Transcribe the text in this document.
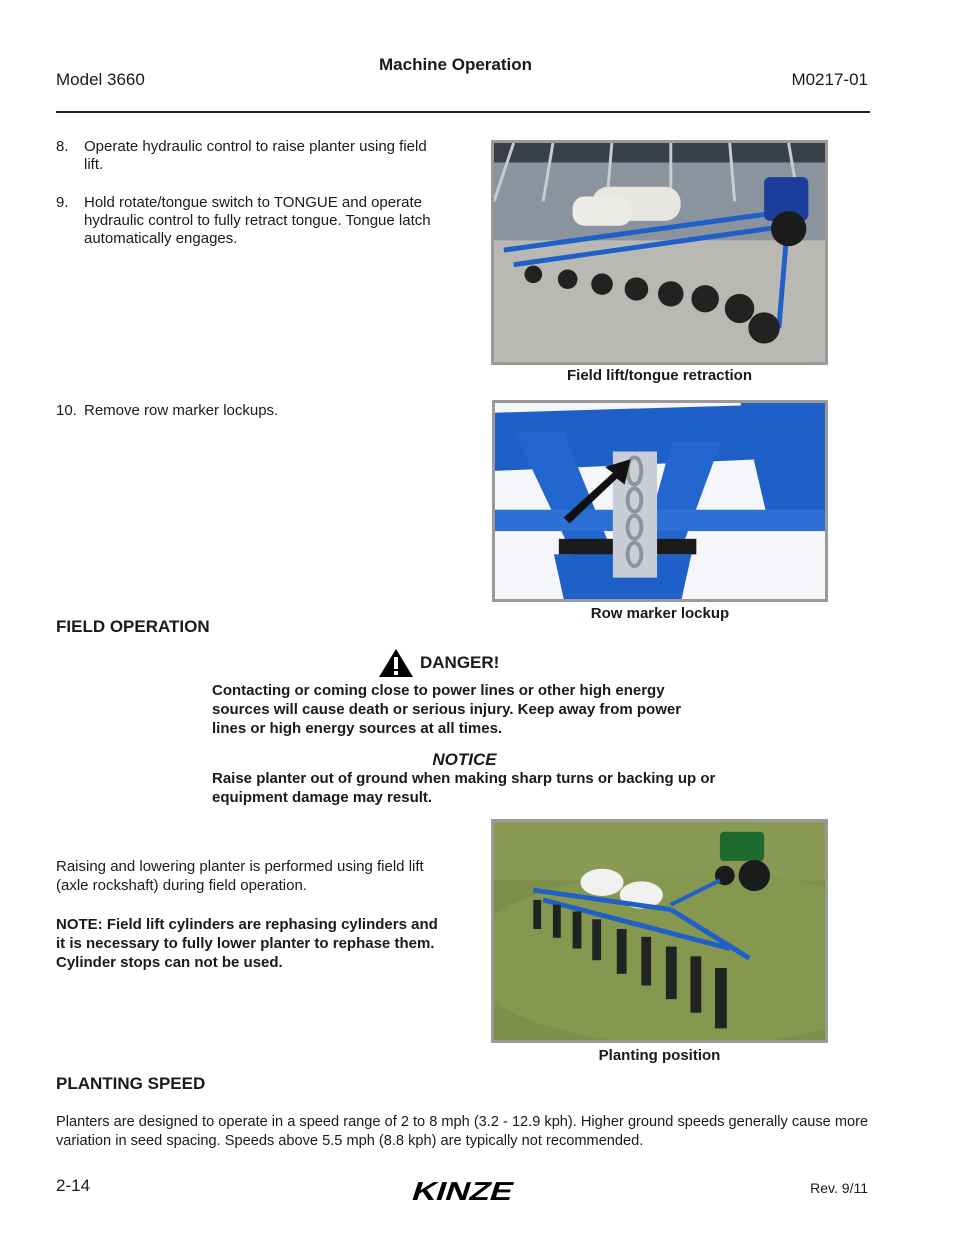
Model 3660
Machine Operation
M0217-01
8. Operate hydraulic control to raise planter using field lift.
9. Hold rotate/tongue switch to TONGUE and operate hydraulic control to fully retract tongue. Tongue latch automatically engages.
10. Remove row marker lockups.
Field lift/tongue retraction
Row marker lockup
FIELD OPERATION
DANGER!
Contacting or coming close to power lines or other high energy sources will cause death or serious injury. Keep away from power lines or high energy sources at all times.
NOTICE
Raise planter out of ground when making sharp turns or backing up or equipment damage may result.
Raising and lowering planter is performed using field lift (axle rockshaft) during field operation.
NOTE: Field lift cylinders are rephasing cylinders and it is necessary to fully lower planter to rephase them. Cylinder stops can not be used.
Planting position
PLANTING SPEED
Planters are designed to operate in a speed range of 2 to 8 mph (3.2 - 12.9 kph). Higher ground speeds generally cause more variation in seed spacing. Speeds above 5.5 mph (8.8 kph) are typically not recommended.
2-14	KINZE	Rev. 9/11
